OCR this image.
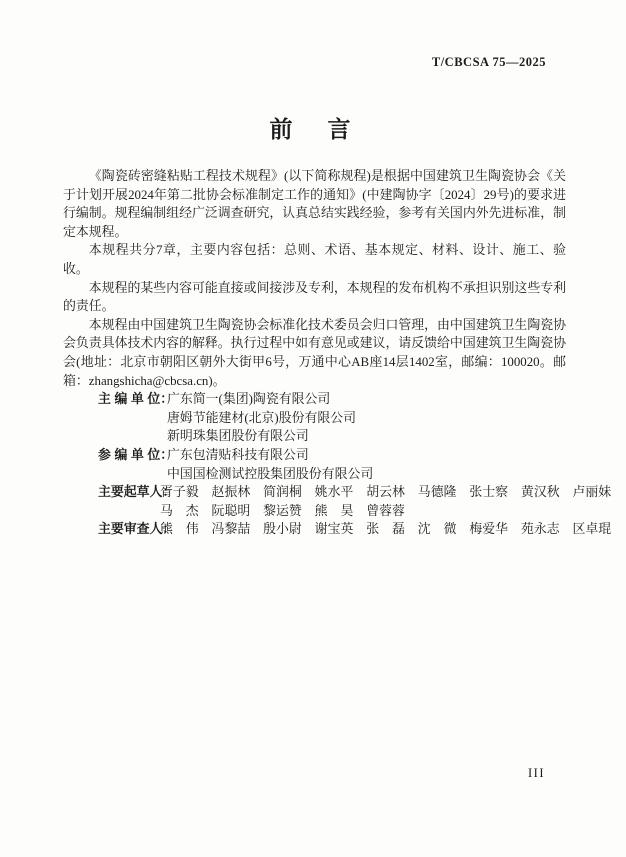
T/CBCSA 75—2025
前　言

《陶瓷砖密缝粘贴工程技术规程》(以下简称规程)是根据中国建筑卫生陶瓷协会《关于计划开展2024年第二批协会标准制定工作的通知》(中建陶协字〔2024〕29号)的要求进行编制。规程编制组经广泛调查研究，认真总结实践经验，参考有关国内外先进标准，制定本规程。

本规程共分7章，主要内容包括：总则、术语、基本规定、材料、设计、施工、验收。

本规程的某些内容可能直接或间接涉及专利，本规程的发布机构不承担识别这些专利的责任。

本规程由中国建筑卫生陶瓷协会标准化技术委员会归口管理，由中国建筑卫生陶瓷协会负责具体技术内容的解释。执行过程中如有意见或建议，请反馈给中国建筑卫生陶瓷协会(地址：北京市朝阳区朝外大街甲6号，万通中心AB座14层1402室，邮编：100020。邮箱：zhangshicha@cbcsa.cn)。

主 编 单 位：
广东简一(集团)陶瓷有限公司
唐姆节能建材(北京)股份有限公司
新明珠集团股份有限公司
参 编 单 位：
广东包清贴科技有限公司
中国国检测试控股集团股份有限公司
主要起草人：
胥子毅　赵振林　简润桐　姚水平　胡云林　马德隆　张士察　黄汉秋　卢丽妹
马　杰　阮聪明　黎运赞　熊　昊　曾蓉蓉
主要审查人：
熊　伟　冯黎喆　殷小尉　谢宝英　张　磊　沈　微　梅爱华　苑永志　区卓琨
III
